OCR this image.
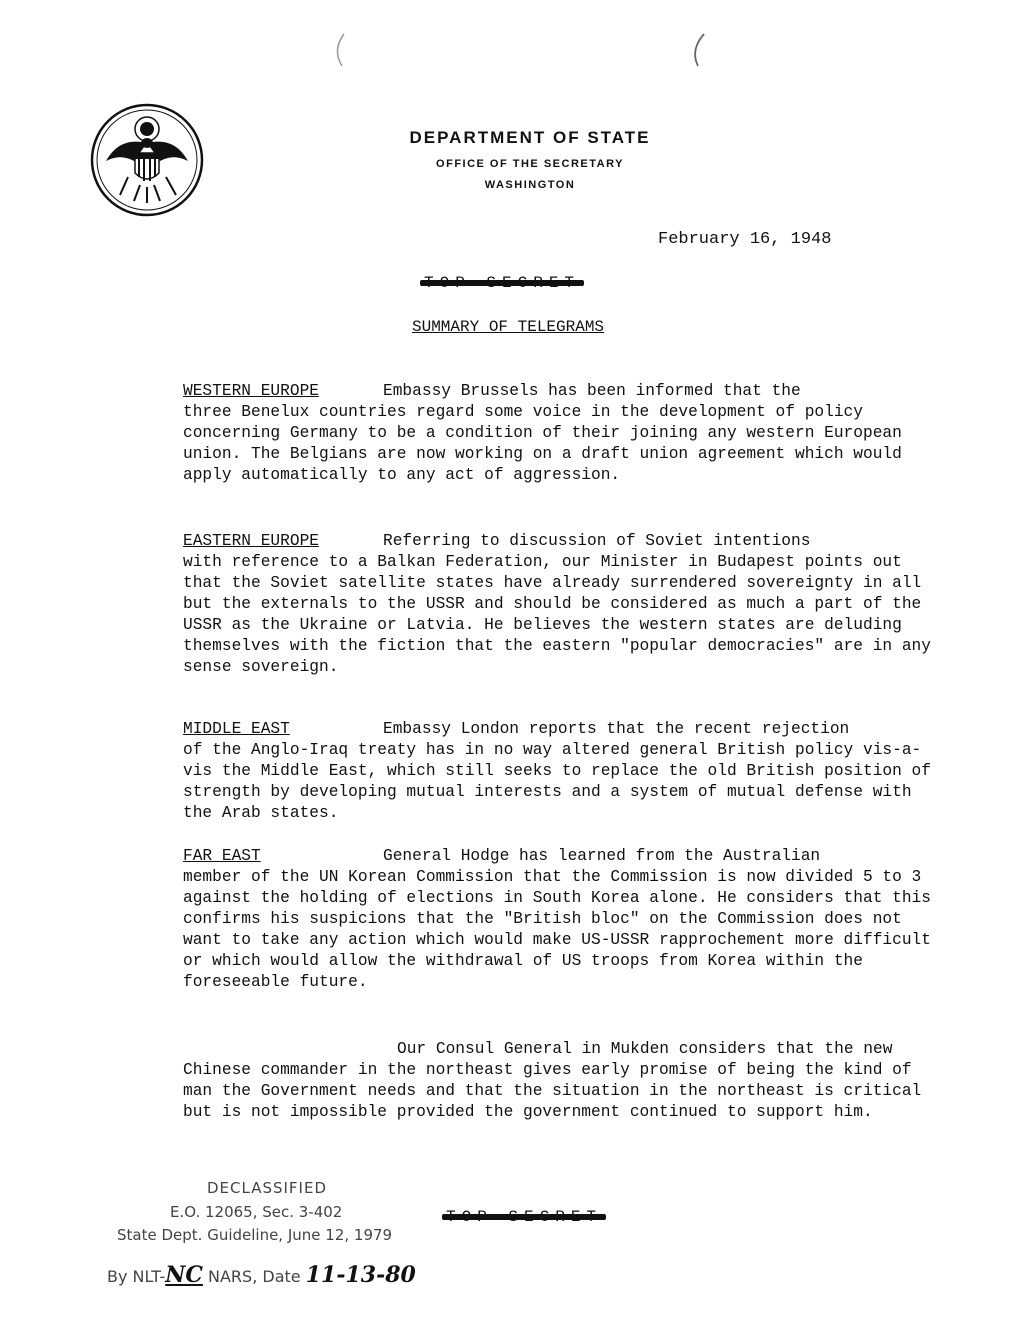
DEPARTMENT OF STATE
OFFICE OF THE SECRETARY
WASHINGTON
February 16, 1948
SUMMARY OF TELEGRAMS
WESTERN EUROPE	Embassy Brussels has been informed that the
three Benelux countries regard some voice in the development of policy concerning Germany to be a condition of their joining any western European union. The Belgians are now working on a draft union agreement which would apply automatically to any act of aggression.
EASTERN EUROPE	Referring to discussion of Soviet intentions
with reference to a Balkan Federation, our Minister in Budapest points out that the Soviet satellite states have already surrendered sovereignty in all but the externals to the USSR and should be considered as much a part of the USSR as the Ukraine or Latvia. He believes the western states are deluding themselves with the fiction that the eastern "popular democracies" are in any sense sovereign.
MIDDLE EAST	Embassy London reports that the recent rejection
of the Anglo-Iraq treaty has in no way altered general British policy vis-a-vis the Middle East, which still seeks to replace the old British position of strength by developing mutual interests and a system of mutual defense with the Arab states.
FAR EAST	General Hodge has learned from the Australian
member of the UN Korean Commission that the Commission is now divided 5 to 3 against the holding of elections in South Korea alone. He considers that this confirms his suspicions that the "British bloc" on the Commission does not want to take any action which would make US-USSR rapprochement more difficult or which would allow the withdrawal of US troops from Korea within the foreseeable future.
Our Consul General in Mukden considers that the new Chinese commander in the northeast gives early promise of being the kind of man the Government needs and that the situation in the northeast is critical but is not impossible provided the government continued to support him.
DECLASSIFIED
E.O. 12065, Sec. 3-402
State Dept. Guideline, June 12, 1979
By NLT-NC NARS, Date 11-13-80
